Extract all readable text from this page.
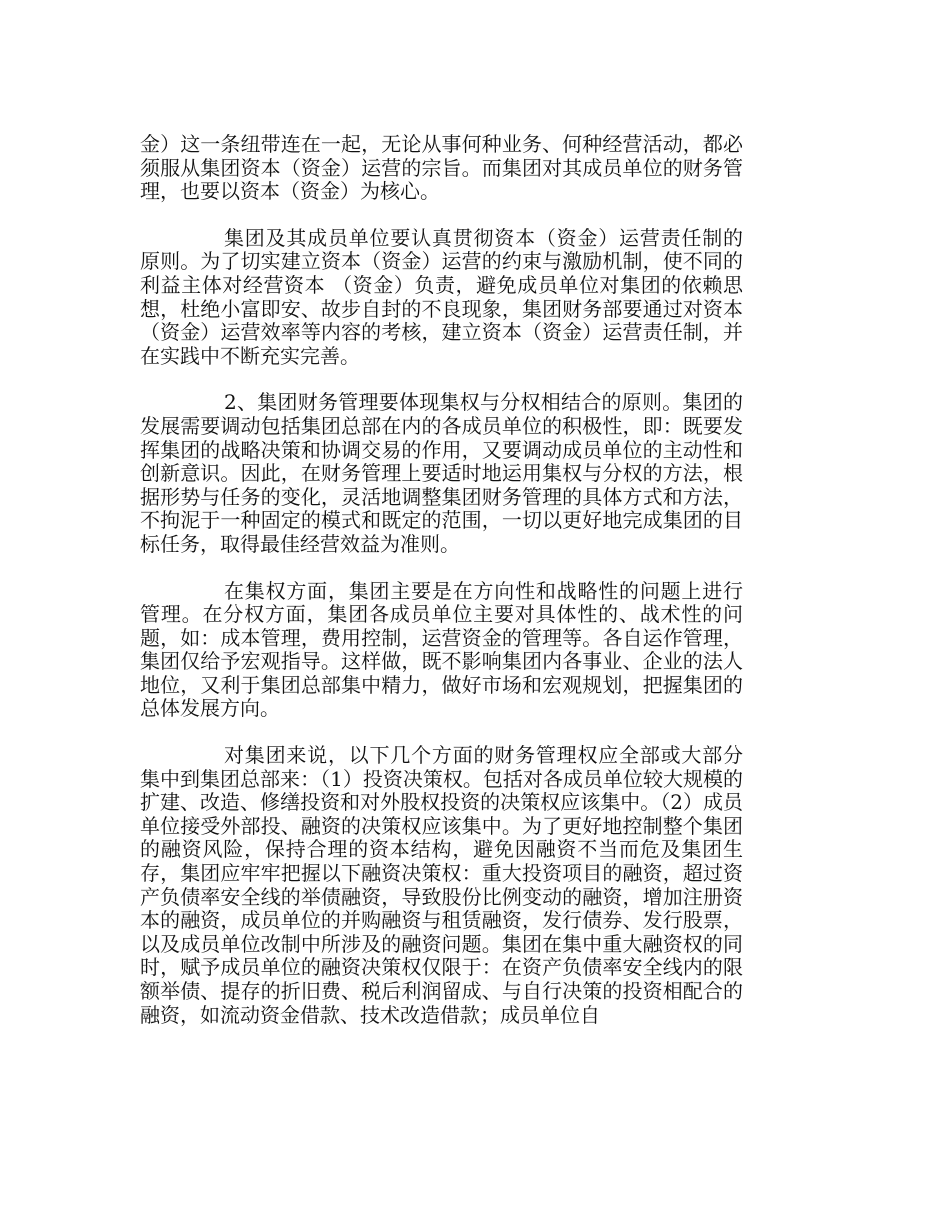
金）这一条纽带连在一起，无论从事何种业务、何种经营活动，都必须服从集团资本（资金）运营的宗旨。而集团对其成员单位的财务管理，也要以资本（资金）为核心。

集团及其成员单位要认真贯彻资本（资金）运营责任制的原则。为了切实建立资本（资金）运营的约束与激励机制，使不同的利益主体对经营资本 （资金）负责，避免成员单位对集团的依赖思想，杜绝小富即安、故步自封的不良现象，集团财务部要通过对资本 （资金）运营效率等内容的考核，建立资本（资金）运营责任制，并在实践中不断充实完善。

2、集团财务管理要体现集权与分权相结合的原则。集团的发展需要调动包括集团总部在内的各成员单位的积极性，即：既要发挥集团的战略决策和协调交易的作用，又要调动成员单位的主动性和创新意识。因此，在财务管理上要适时地运用集权与分权的方法，根据形势与任务的变化，灵活地调整集团财务管理的具体方式和方法，不拘泥于一种固定的模式和既定的范围，一切以更好地完成集团的目标任务，取得最佳经营效益为准则。

在集权方面，集团主要是在方向性和战略性的问题上进行管理。在分权方面，集团各成员单位主要对具体性的、战术性的问题，如：成本管理，费用控制，运营资金的管理等。各自运作管理，集团仅给予宏观指导。这样做，既不影响集团内各事业、企业的法人地位，又利于集团总部集中精力，做好市场和宏观规划，把握集团的总体发展方向。

对集团来说，以下几个方面的财务管理权应全部或大部分集中到集团总部来：（1）投资决策权。包括对各成员单位较大规模的扩建、改造、修缮投资和对外股权投资的决策权应该集中。（2）成员单位接受外部投、融资的决策权应该集中。为了更好地控制整个集团的融资风险，保持合理的资本结构，避免因融资不当而危及集团生存，集团应牢牢把握以下融资决策权：重大投资项目的融资，超过资产负债率安全线的举债融资，导致股份比例变动的融资，增加注册资本的融资，成员单位的并购融资与租赁融资，发行债券、发行股票，以及成员单位改制中所涉及的融资问题。集团在集中重大融资权的同时，赋予成员单位的融资决策权仅限于：在资产负债率安全线内的限额举债、提存的折旧费、税后利润留成、与自行决策的投资相配合的融资，如流动资金借款、技术改造借款；成员单位自
